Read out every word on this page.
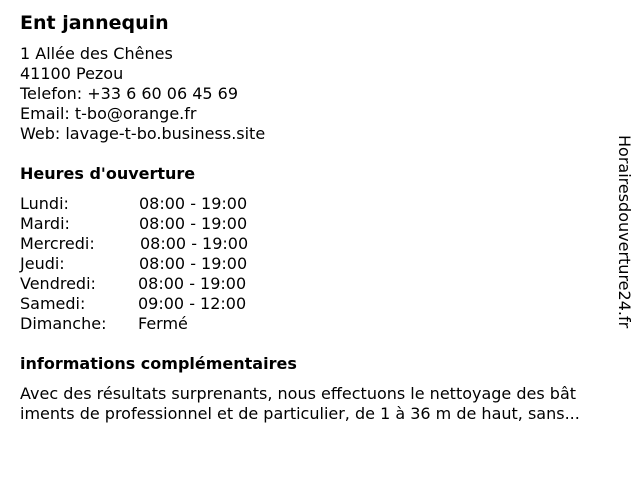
Ent jannequin
1 Allée des Chênes
41100 Pezou
Telefon: +33 6 60 06 45 69
Email: t-bo@orange.fr
Web: lavage-t-bo.business.site
Heures d'ouverture
Lundi:	08:00 - 19:00
Mardi:	08:00 - 19:00
Mercredi:	08:00 - 19:00
Jeudi:	08:00 - 19:00
Vendredi:	08:00 - 19:00
Samedi:	09:00 - 12:00
Dimanche: Fermé
informations complémentaires
Avec des résultats surprenants, nous effectuons le nettoyage des bât
iments de professionnel et de particulier, de 1 à 36 m de haut, sans...
Horairesdouverture24.fr
